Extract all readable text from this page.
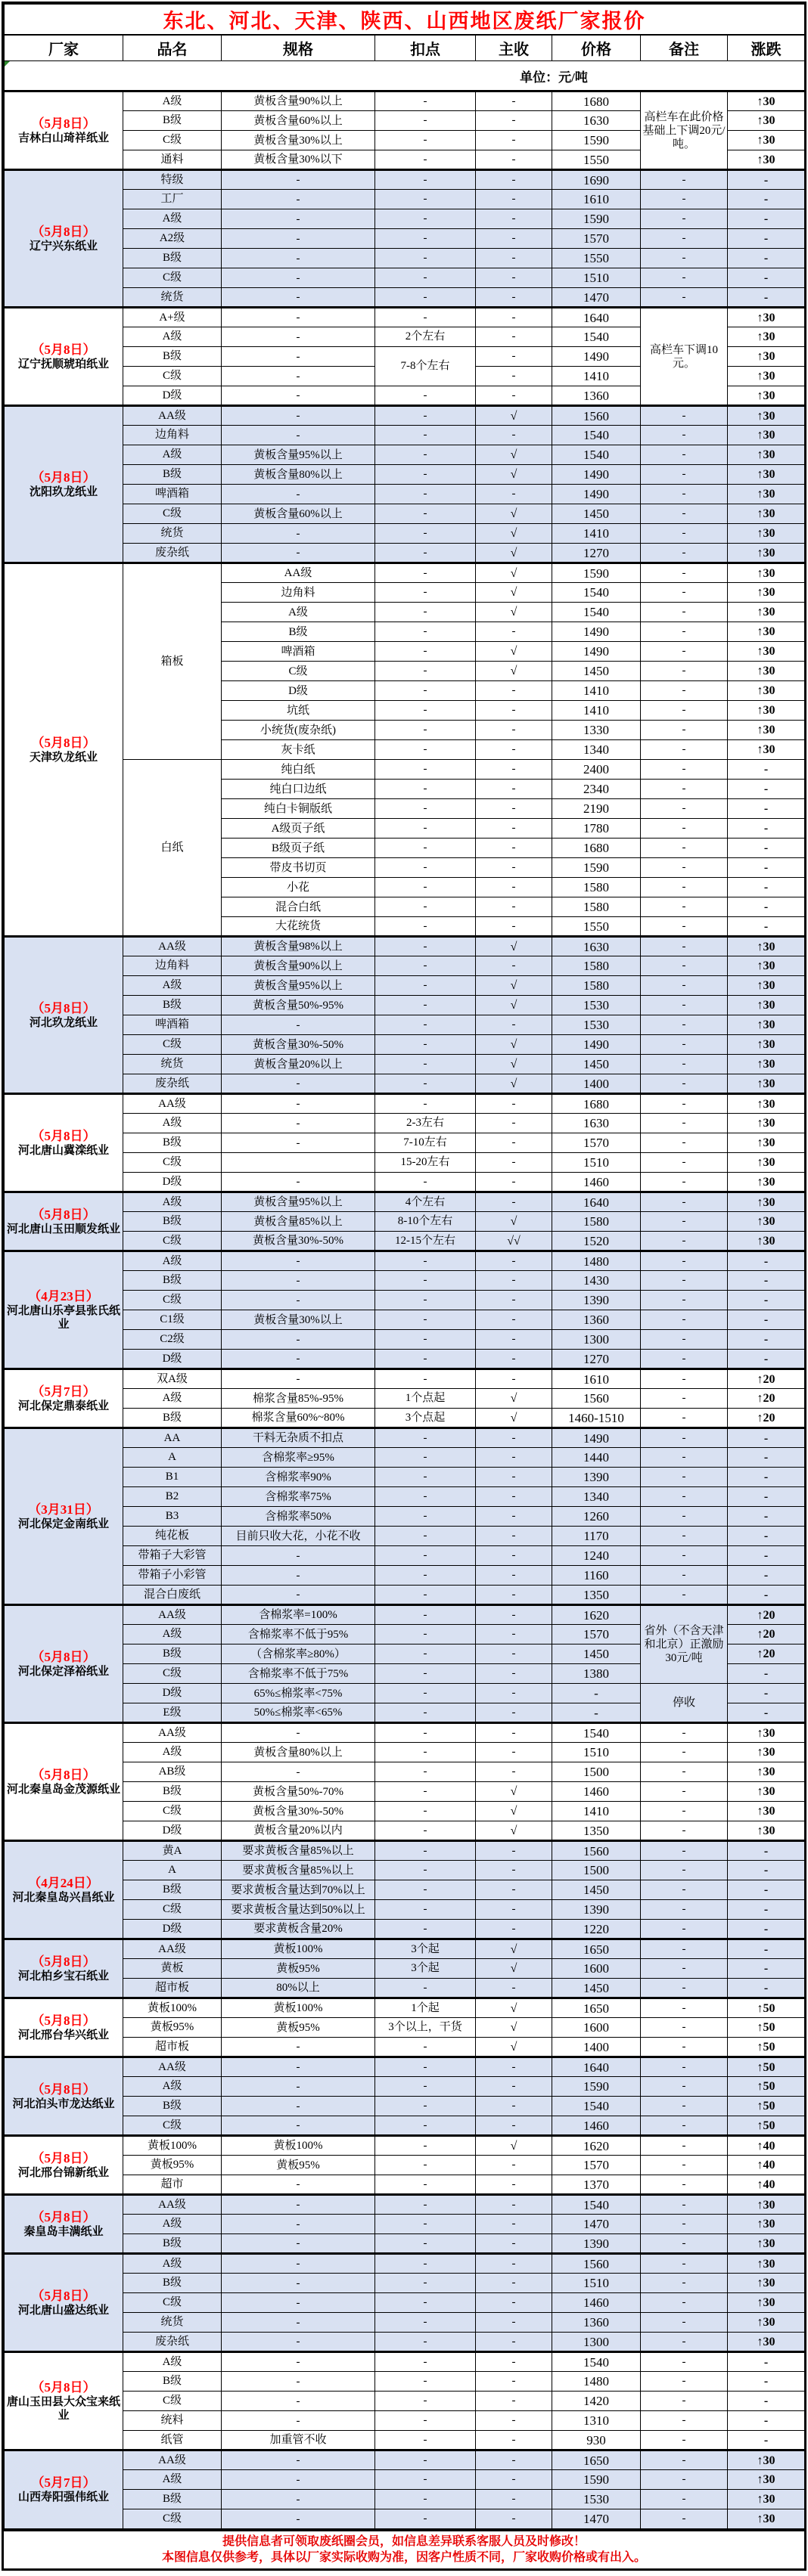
东北、河北、天津、陕西、山西地区废纸厂家报价							
厂家	品名	规格	扣点	主收	价格	备注	涨跌

单位：元/吨							

（5月8日）
吉林白山琦祥纸业	A级	黄板含量90%以上	-	-	1680	高栏车在此价格基础上下调20元/吨。	↑30
	B级	黄板含量60%以上	-	-	1630		↑30
	C级	黄板含量30%以上	-	-	1590		↑30
	通料	黄板含量30%以下	-	-	1550		↑30

（5月8日）
辽宁兴东纸业	特级	-	-	-	1690	-	-
	工厂	-	-	-	1610	-	-
	A级	-	-	-	1590	-	-
	A2级	-	-	-	1570	-	-
	B级	-	-	-	1550	-	-
	C级	-	-	-	1510	-	-
	统货	-	-	-	1470	-	-

（5月8日）
辽宁抚顺琥珀纸业	A+级	-	-	-	1640	高栏车下调10元。	↑30
	A级	-	2个左右	-	1540		↑30
	B级	-	7-8个左右	-	1490		↑30
	C级	-		-	1410		↑30
	D级	-	-	-	1360		↑30

（5月8日）
沈阳玖龙纸业	AA级	-	-	√	1560	-	↑30
	边角料	-	-	-	1540	-	↑30
	A级	黄板含量95%以上	-	√	1540	-	↑30
	B级	黄板含量80%以上	-	√	1490	-	↑30
	啤酒箱	-	-	-	1490	-	↑30
	C级	黄板含量60%以上	-	√	1450	-	↑30
	统货	-	-	√	1410	-	↑30
	废杂纸	-	-	√	1270	-	↑30

（5月8日）
天津玖龙纸业	箱板	AA级	-	√	1590	-	↑30
		边角料	-	√	1540	-	↑30
		A级	-	√	1540	-	↑30
		B级	-	-	1490	-	↑30
		啤酒箱	-	√	1490	-	↑30
		C级	-	√	1450	-	↑30
		D级	-	-	1410	-	↑30
		坑纸	-	-	1410	-	↑30
		小统货(废杂纸)	-	-	1330	-	↑30
		灰卡纸	-	-	1340	-	↑30
	白纸	纯白纸	-	-	2400	-	-
		纯白口边纸	-	-	2340	-	-
		纯白卡铜版纸	-	-	2190	-	-
		A级页子纸	-	-	1780	-	-
		B级页子纸	-	-	1680	-	-
		带皮书切页	-	-	1590	-	-
		小花	-	-	1580	-	-
		混合白纸	-	-	1580	-	-
		大花统货	-	-	1550	-	-

（5月8日）
河北玖龙纸业	AA级	黄板含量98%以上	-	√	1630	-	↑30
	边角料	黄板含量90%以上	-	-	1580	-	↑30
	A级	黄板含量95%以上	-	√	1580	-	↑30
	B级	黄板含量50%-95%	-	√	1530	-	↑30
	啤酒箱	-	-	-	1530	-	↑30
	C级	黄板含量30%-50%	-	√	1490	-	↑30
	统货	黄板含量20%以上	-	√	1450	-	↑30
	废杂纸	-	-	√	1400	-	↑30

（5月8日）
河北唐山冀滦纸业	AA级	-	-	-	1680	-	↑30
	A级	-	2-3左右	-	1630	-	↑30
	B级	-	7-10左右	-	1570	-	↑30
	C级		15-20左右	-	1510	-	↑30
	D级	-	-	-	1460	-	↑30

（5月8日）
河北唐山玉田顺发纸业	A级	黄板含量95%以上	4个左右	-	1640	-	↑30
	B级	黄板含量85%以上	8-10个左右	√	1580	-	↑30
	C级	黄板含量30%-50%	12-15个左右	√√	1520	-	↑30

（4月23日）
河北唐山乐亭县张氏纸业	A级	-	-	-	1480	-	-
	B级	-	-	-	1430	-	-
	C级	-	-	-	1390	-	-
	C1级	黄板含量30%以上	-	-	1360	-	-
	C2级	-	-	-	1300	-	-
	D级	-	-	-	1270	-	-

（5月7日）
河北保定鼎泰纸业	双A级	-	-	-	1610	-	↑20
	A级	棉浆含量85%-95%	1个点起	√	1560	-	↑20
	B级	棉浆含量60%~80%	3个点起	√	1460-1510	-	↑20

（3月31日）
河北保定金南纸业	AA	干料无杂质不扣点	-	-	1490	-	-
	A	含棉浆率≥95%	-	-	1440	-	-
	B1	含棉浆率90%	-	-	1390	-	-
	B2	含棉浆率75%	-	-	1340	-	-
	B3	含棉浆率50%	-	-	1260	-	-
	纯花板	目前只收大花，小花不收	-	-	1170	-	-
	带箱子大彩管	-	-	-	1240	-	-
	带箱子小彩管	-	-	-	1160	-	-
	混合白废纸	-	-	-	1350	-	-

（5月8日）
河北保定泽裕纸业	AA级	含棉浆率=100%	-	-	1620	省外（不含天津和北京）正激励30元/吨	↑20
	A级	含棉浆率不低于95%	-	-	1570		↑20
	B级	（含棉浆率≥80%）	-	-	1450		↑20
	C级	含棉浆率不低于75%	-	-	1380		-
	D级	65%≤棉浆率<75%	-	-	-	停收	-
	E级	50%≤棉浆率<65%	-	-	-		-

（5月8日）
河北秦皇岛金茂源纸业	AA级	-	-	-	1540	-	↑30
	A级	黄板含量80%以上	-	-	1510	-	↑30
	AB级	-	-	-	1500	-	↑30
	B级	黄板含量50%-70%	-	√	1460	-	↑30
	C级	黄板含量30%-50%	-	√	1410	-	↑30
	D级	黄板含量20%以内	-	√	1350	-	↑30

（4月24日）
河北秦皇岛兴昌纸业	黄A	要求黄板含量85%以上	-	-	1560	-	-
	A	要求黄板含量85%以上	-	-	1500	-	-
	B级	要求黄板含量达到70%以上	-	-	1450	-	-
	C级	要求黄板含量达到50%以上	-	-	1390	-	-
	D级	要求黄板含量20%	-	-	1220	-	-

（5月8日）
河北柏乡宝石纸业	AA级	黄板100%	3个起	√	1650	-	-
	黄板	黄板95%	3个起	√	1600	-	-
	超市板	80%以上	-	-	1450	-	-

（5月8日）
河北邢台华兴纸业	黄板100%	黄板100%	1个起	√	1650	-	↑50
	黄板95%	黄板95%	3个以上，干货	√	1600	-	↑50
	超市板	-	-	√	1400	-	↑50

（5月8日）
河北泊头市龙达纸业	AA级	-	-	-	1640	-	↑50
	A级	-	-	-	1590	-	↑50
	B级	-	-	-	1540	-	↑50
	C级	-	-	-	1460	-	↑50

（5月8日）
河北邢台锦新纸业	黄板100%	黄板100%	-	√	1620	-	↑40
	黄板95%	黄板95%	-	-	1570	-	↑40
	超市	-	-	-	1370	-	↑40

（5月8日）
秦皇岛丰满纸业	AA级	-	-	-	1540	-	↑30
	A级	-	-	-	1470	-	↑30
	B级	-	-	-	1390	-	↑30

（5月8日）
河北唐山盛达纸业	A级	-	-	-	1560	-	↑30
	B级	-	-	-	1510	-	↑30
	C级	-	-	-	1460	-	↑30
	统货	-	-	-	1360	-	↑30
	废杂纸	-	-	-	1300	-	↑30

（5月8日）
唐山玉田县大众宝来纸业	A级	-	-	-	1540	-	-
	B级	-	-	-	1480	-	-
	C级	-	-	-	1420	-	-
	统料	-	-	-	1310	-	-
	纸管	加重管不收	-	-	930	-	-

（5月7日）
山西寿阳强伟纸业	AA级	-	-	-	1650	-	↑30
	A级	-	-	-	1590	-	↑30
	B级	-	-	-	1530	-	↑30
	C级	-	-	-	1470	-	↑30
提供信息者可领取废纸圈会员，如信息差异联系客服人员及时修改！
本图信息仅供参考，具体以厂家实际收购为准，因客户性质不同，厂家收购价格或有出入。
